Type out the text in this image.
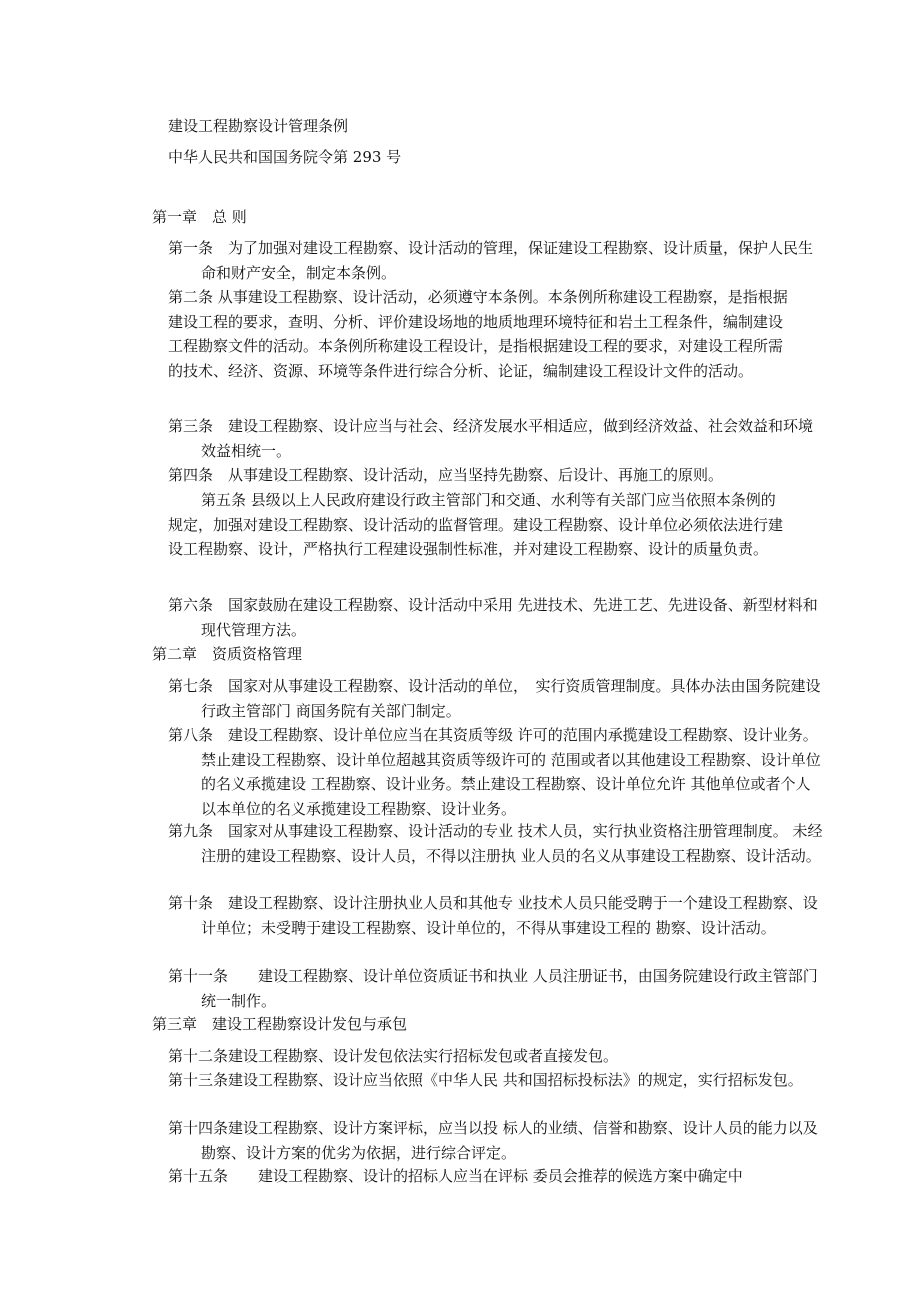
建设工程勘察设计管理条例
中华人民共和国国务院令第 293 号
第一章　总 则
第一条　为了加强对建设工程勘察、设计活动的管理，保证建设工程勘察、设计质量，保护人民生命和财产安全，制定本条例。
第二条 从事建设工程勘察、设计活动，必须遵守本条例。本条例所称建设工程勘察，是指根据建设工程的要求，查明、分析、评价建设场地的地质地理环境特征和岩土工程条件，编制建设工程勘察文件的活动。本条例所称建设工程设计，是指根据建设工程的要求，对建设工程所需的技术、经济、资源、环境等条件进行综合分析、论证，编制建设工程设计文件的活动。
第三条　建设工程勘察、设计应当与社会、经济发展水平相适应，做到经济效益、社会效益和环境效益相统一。
第四条　从事建设工程勘察、设计活动，应当坚持先勘察、后设计、再施工的原则。
第五条 县级以上人民政府建设行政主管部门和交通、水利等有关部门应当依照本条例的规定，加强对建设工程勘察、设计活动的监督管理。建设工程勘察、设计单位必须依法进行建设工程勘察、设计，严格执行工程建设强制性标准，并对建设工程勘察、设计的质量负责。
第六条　国家鼓励在建设工程勘察、设计活动中采用 先进技术、先进工艺、先进设备、新型材料和现代管理方法。
第二章　资质资格管理
第七条　国家对从事建设工程勘察、设计活动的单位，　实行资质管理制度。具体办法由国务院建设行政主管部门 商国务院有关部门制定。
第八条　建设工程勘察、设计单位应当在其资质等级 许可的范围内承揽建设工程勘察、设计业务。 禁止建设工程勘察、设计单位超越其资质等级许可的 范围或者以其他建设工程勘察、设计单位的名义承揽建设 工程勘察、设计业务。禁止建设工程勘察、设计单位允许 其他单位或者个人以本单位的名义承揽建设工程勘察、设计业务。
第九条　国家对从事建设工程勘察、设计活动的专业 技术人员，实行执业资格注册管理制度。 未经注册的建设工程勘察、设计人员，不得以注册执 业人员的名义从事建设工程勘察、设计活动。
第十条　建设工程勘察、设计注册执业人员和其他专 业技术人员只能受聘于一个建设工程勘察、设计单位；未受聘于建设工程勘察、设计单位的，不得从事建设工程的 勘察、设计活动。
第十一条　　建设工程勘察、设计单位资质证书和执业 人员注册证书，由国务院建设行政主管部门统一制作。
第三章　建设工程勘察设计发包与承包
第十二条建设工程勘察、设计发包依法实行招标发包或者直接发包。
第十三条建设工程勘察、设计应当依照《中华人民 共和国招标投标法》的规定，实行招标发包。
第十四条建设工程勘察、设计方案评标，应当以投 标人的业绩、信誉和勘察、设计人员的能力以及勘察、设计方案的优劣为依据，进行综合评定。
第十五条　　建设工程勘察、设计的招标人应当在评标 委员会推荐的候选方案中确定中
